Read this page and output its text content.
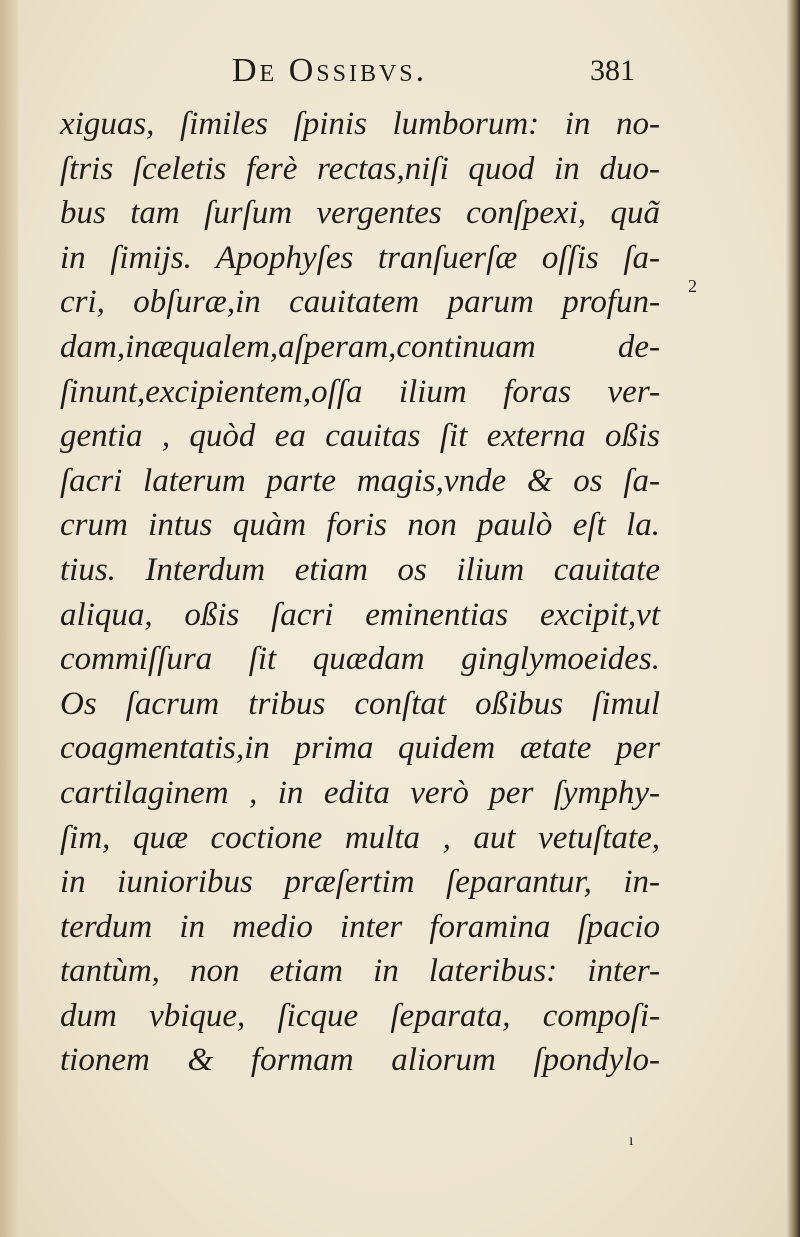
De Ossibvs.	381
xiguas, ſimiles ſpinis lumborum: in no-
ſtris ſceletis ferè rectas,niſi quod in duo-
bus tam ſurſum vergentes conſpexi, quã
in ſimijs. Apophyſes tranſuerſæ oſſis ſa-
cri, obſuræ,in cauitatem parum profun-
dam,inæqualem,aſperam,continuam de-
ſinunt,excipientem,oſſa ilium foras ver-
gentia , quòd ea cauitas ſit externa oßis
ſacri laterum parte magis,vnde & os ſa-
crum intus quàm foris non paulò eſt la.
tius. Interdum etiam os ilium cauitate
aliqua, oßis ſacri eminentias excipit,vt
commiſſura ſit quædam ginglymoeides.
Os ſacrum tribus conſtat oßibus ſimul
coagmentatis,in prima quidem ætate per
cartilaginem , in edita verò per ſymphy-
ſim, quæ coctione multa , aut vetuſtate,
in iunioribus præſertim ſeparantur, in-
terdum in medio inter foramina ſpacio
tantùm, non etiam in lateribus: inter-
dum vbique, ſicque ſeparata, compoſi-
tionem & formam aliorum ſpondylo-
2
ı
